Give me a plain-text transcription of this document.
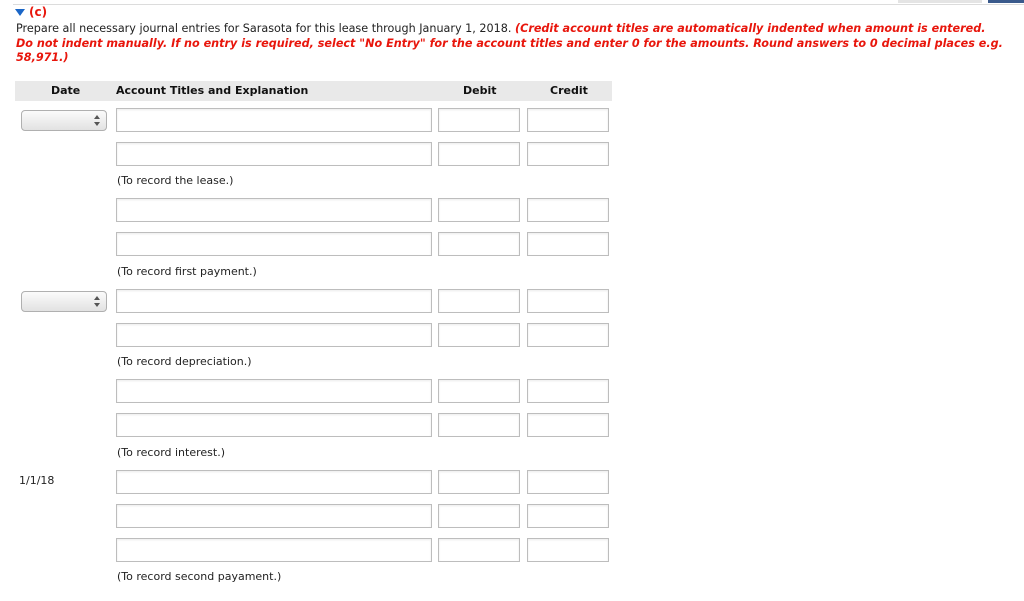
(c)
Prepare all necessary journal entries for Sarasota for this lease through January 1, 2018. (Credit account titles are automatically indented when amount is entered. Do not indent manually. If no entry is required, select "No Entry" for the account titles and enter 0 for the amounts. Round answers to 0 decimal places e.g. 58,971.)
Date	Account Titles and Explanation	Debit	Credit
(To record the lease.)
(To record first payment.)
(To record depreciation.)
(To record interest.)
1/1/18
(To record second payament.)
